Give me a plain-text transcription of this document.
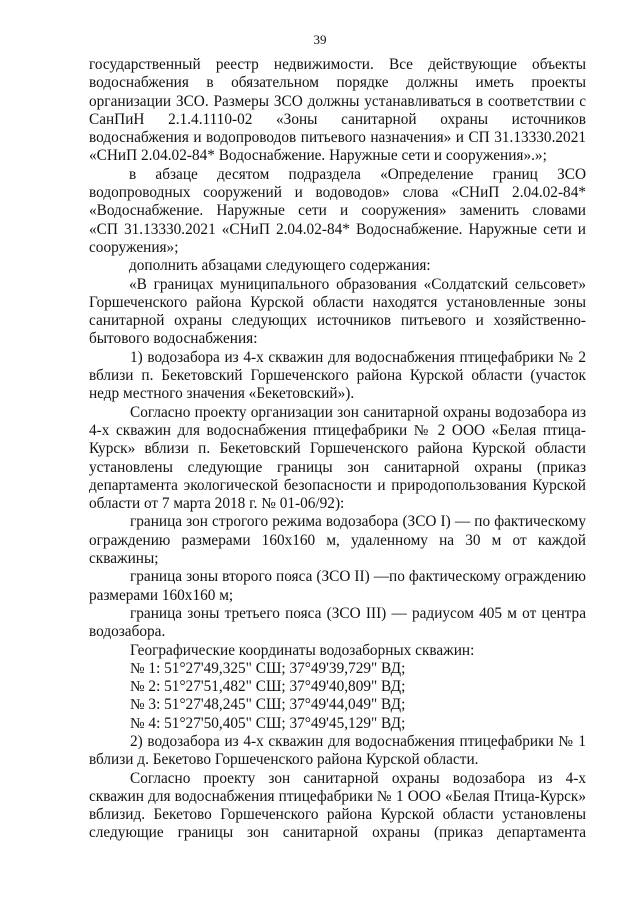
39
государственный реестр недвижимости. Все действующие объекты
водоснабжения в обязательном порядке должны иметь проекты
организации ЗСО. Размеры ЗСО должны устанавливаться в соответствии с
СанПиН 2.1.4.1110-02 «Зоны санитарной охраны источников
водоснабжения и водопроводов питьевого назначения» и СП 31.13330.2021
«СНиП 2.04.02-84* Водоснабжение. Наружные сети и сооружения».»;
в абзаце десятом подраздела «Определение границ ЗСО
водопроводных сооружений и водоводов» слова «СНиП 2.04.02-84*
«Водоснабжение. Наружные сети и сооружения» заменить словами
«СП 31.13330.2021 «СНиП 2.04.02-84* Водоснабжение. Наружные сети и
сооружения»;
дополнить абзацами следующего содержания:
«В границах муниципального образования «Солдатский сельсовет»
Горшеченского района Курской области находятся установленные зоны
санитарной охраны следующих источников питьевого и хозяйственно-
бытового водоснабжения:
1) водозабора из 4-х скважин для водоснабжения птицефабрики № 2
вблизи п. Бекетовский Горшеченского района Курской области (участок
недр местного значения «Бекетовский»).
Согласно проекту организации зон санитарной охраны водозабора из
4-х скважин для водоснабжения птицефабрики № 2 ООО «Белая птица-
Курск» вблизи п. Бекетовский Горшеченского района Курской области
установлены следующие границы зон санитарной охраны (приказ
департамента экологической безопасности и природопользования Курской
области от 7 марта 2018 г. № 01-06/92):
граница зон строгого режима водозабора (ЗСО I) — по фактическому
ограждению размерами 160х160 м, удаленному на 30 м от каждой
скважины;
граница зоны второго пояса (ЗСО II) —по фактическому ограждению
размерами 160х160 м;
граница зоны третьего пояса (ЗСО III) — радиусом 405 м от центра
водозабора.
Географические координаты водозаборных скважин:
№ 1: 51°27'49,325" СШ; 37°49'39,729" ВД;
№ 2: 51°27'51,482" СШ; 37°49'40,809" ВД;
№ 3: 51°27'48,245" СШ; 37°49'44,049" ВД;
№ 4: 51°27'50,405" СШ; 37°49'45,129" ВД;
2) водозабора из 4-х скважин для водоснабжения птицефабрики № 1
вблизи д. Бекетово Горшеченского района Курской области.
Согласно проекту зон санитарной охраны водозабора из 4-х
скважин для водоснабжения птицефабрики № 1 ООО «Белая Птица-Курск»
вблизид. Бекетово Горшеченского района Курской области установлены
следующие границы зон санитарной охраны (приказ департамента
